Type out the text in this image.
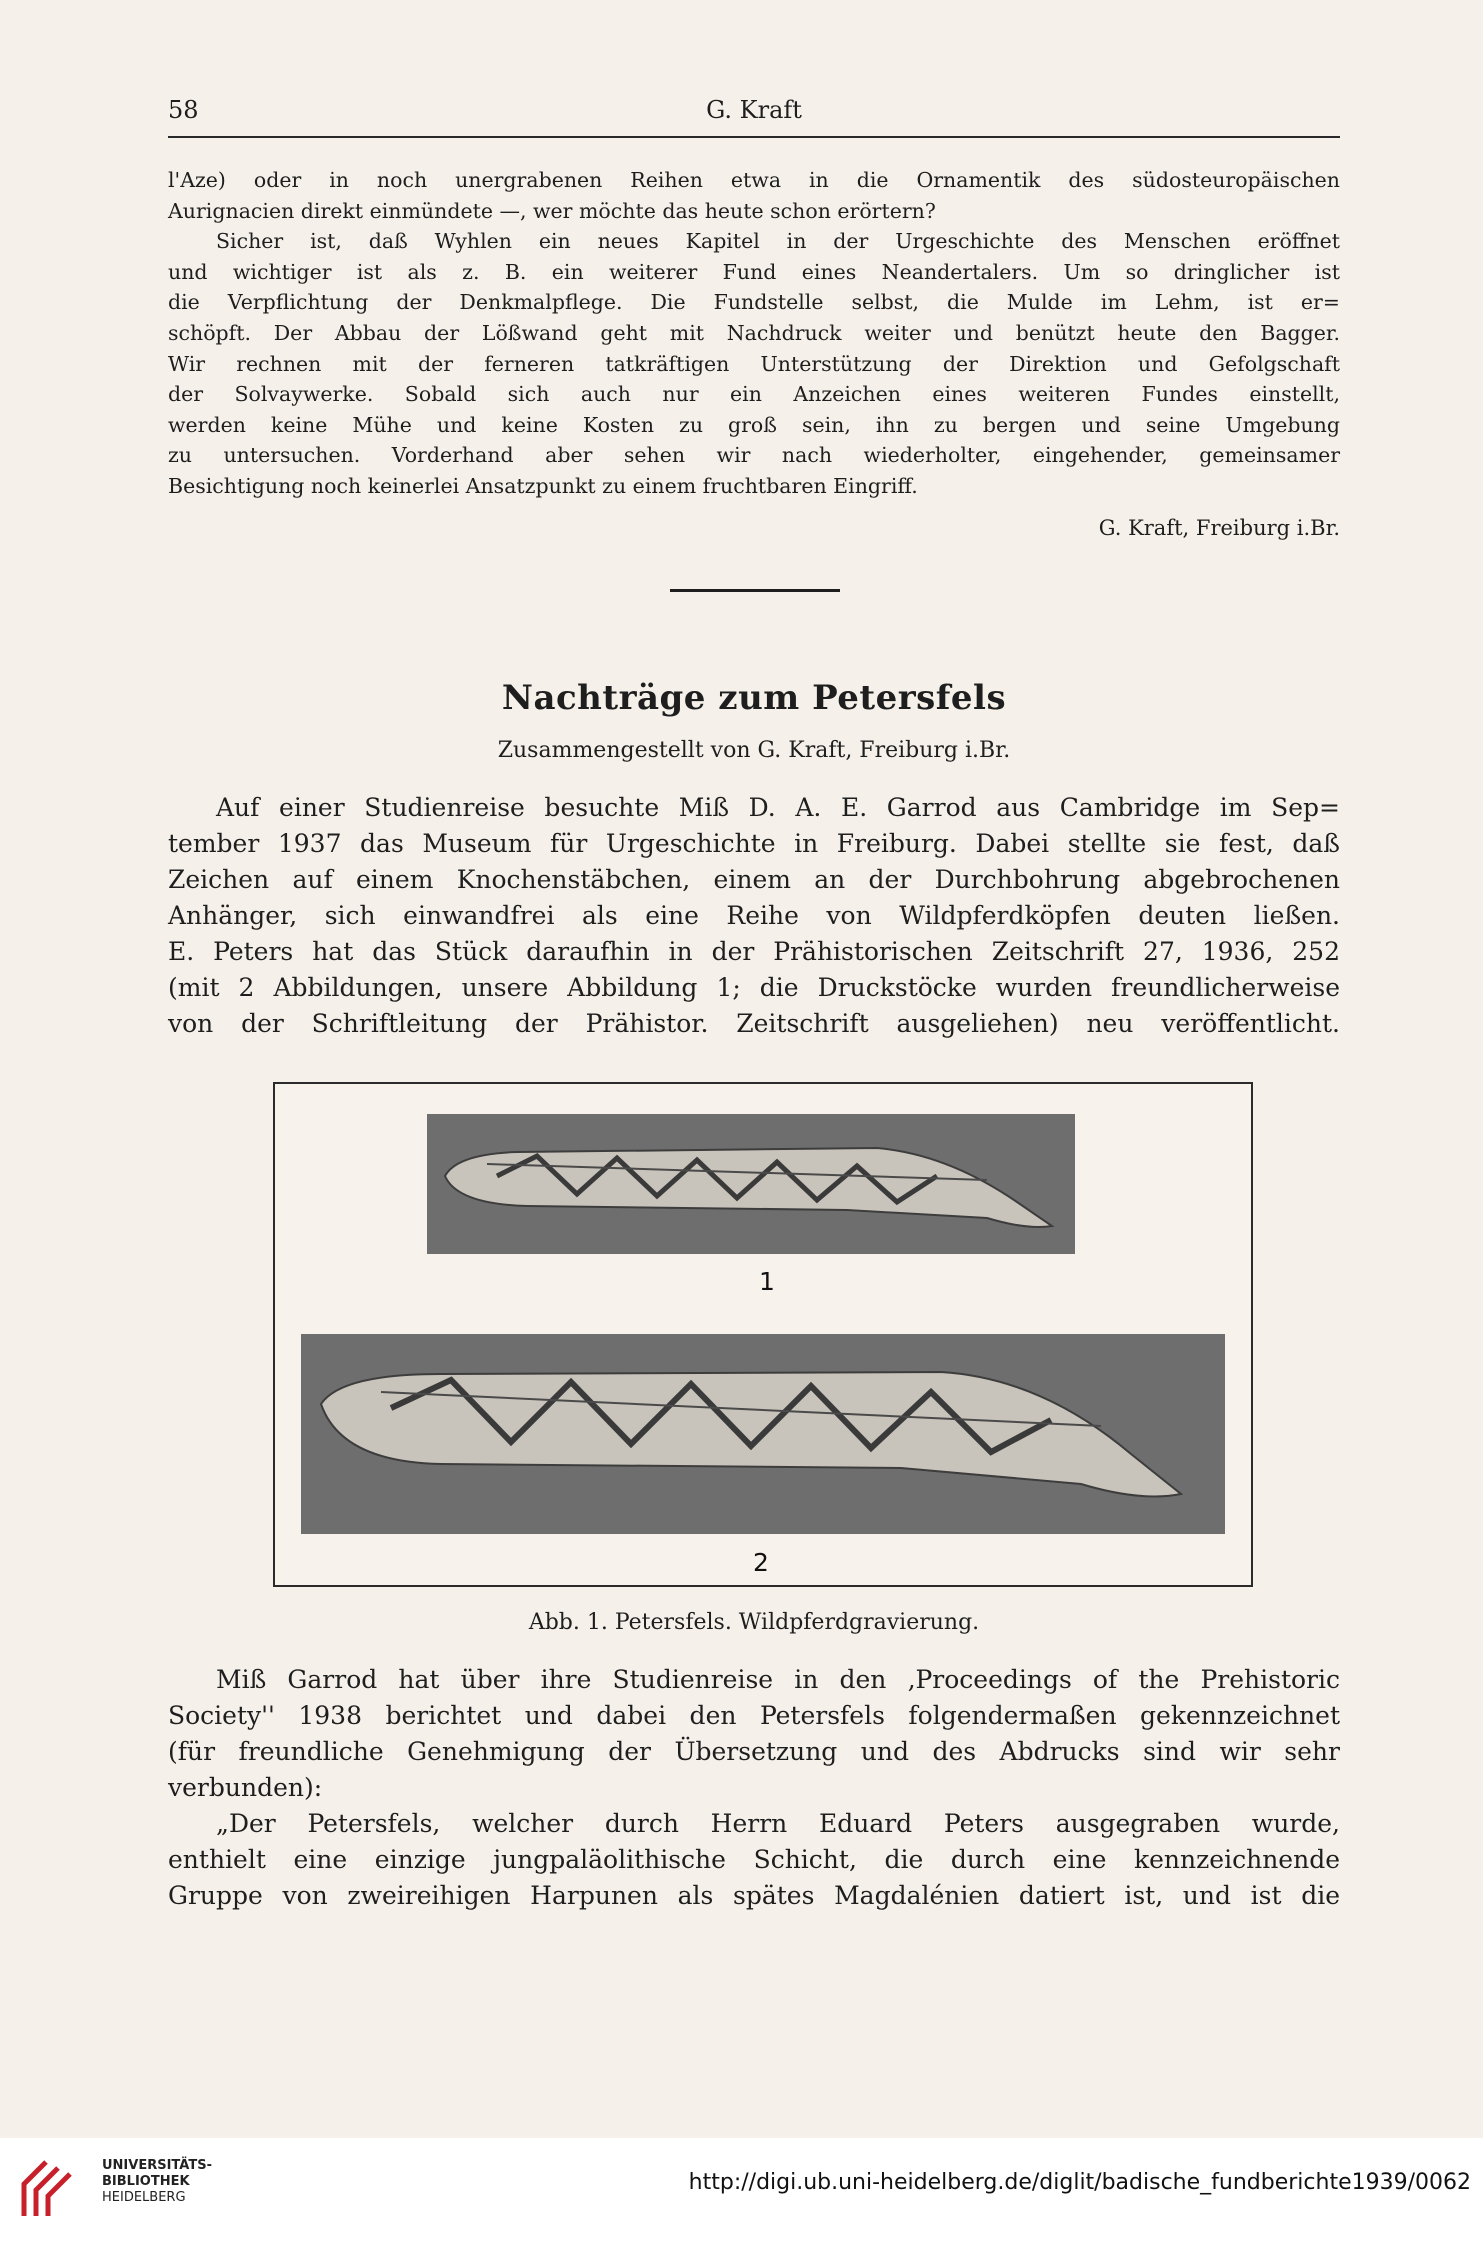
58	G. Kraft

l'Aze) oder in noch unergrabenen Reihen etwa in die Ornamentik des südosteuropäischen

Aurignacien direkt einmündete —, wer möchte das heute schon erörtern?

Sicher ist, daß Wyhlen ein neues Kapitel in der Urgeschichte des Menschen eröffnet

und wichtiger ist als z. B. ein weiterer Fund eines Neandertalers. Um so dringlicher ist

die Verpflichtung der Denkmalpflege. Die Fundstelle selbst, die Mulde im Lehm, ist er=

schöpft. Der Abbau der Lößwand geht mit Nachdruck weiter und benützt heute den Bagger.

Wir rechnen mit der ferneren tatkräftigen Unterstützung der Direktion und Gefolgschaft

der Solvaywerke. Sobald sich auch nur ein Anzeichen eines weiteren Fundes einstellt,

werden keine Mühe und keine Kosten zu groß sein, ihn zu bergen und seine Umgebung

zu untersuchen. Vorderhand aber sehen wir nach wiederholter, eingehender, gemeinsamer

Besichtigung noch keinerlei Ansatzpunkt zu einem fruchtbaren Eingriff.

G. Kraft, Freiburg i.Br.
Nachträge zum Petersfels
Zusammengestellt von G. Kraft, Freiburg i.Br.

Auf einer Studienreise besuchte Miß D. A. E. Garrod aus Cambridge im Sep=

tember 1937 das Museum für Urgeschichte in Freiburg. Dabei stellte sie fest, daß

Zeichen auf einem Knochenstäbchen, einem an der Durchbohrung abgebrochenen

Anhänger, sich einwandfrei als eine Reihe von Wildpferdköpfen deuten ließen.

E. Peters hat das Stück daraufhin in der Prähistorischen Zeitschrift 27, 1936, 252

(mit 2 Abbildungen, unsere Abbildung 1; die Druckstöcke wurden freundlicherweise

von der Schriftleitung der Prähistor. Zeitschrift ausgeliehen) neu veröffentlicht.

1
2
Abb. 1. Petersfels. Wildpferdgravierung.

Miß Garrod hat über ihre Studienreise in den ‚Proceedings of the Prehistoric

Society'' 1938 berichtet und dabei den Petersfels folgendermaßen gekennzeichnet

(für freundliche Genehmigung der Übersetzung und des Abdrucks sind wir sehr

verbunden):

„Der Petersfels, welcher durch Herrn Eduard Peters ausgegraben wurde,

enthielt eine einzige jungpaläolithische Schicht, die durch eine kennzeichnende

Gruppe von zweireihigen Harpunen als spätes Magdalénien datiert ist, und ist die

UNIVERSITÄTS-
BIBLIOTHEK
HEIDELBERG
http://digi.ub.uni-heidelberg.de/diglit/badische_fundberichte1939/0062
